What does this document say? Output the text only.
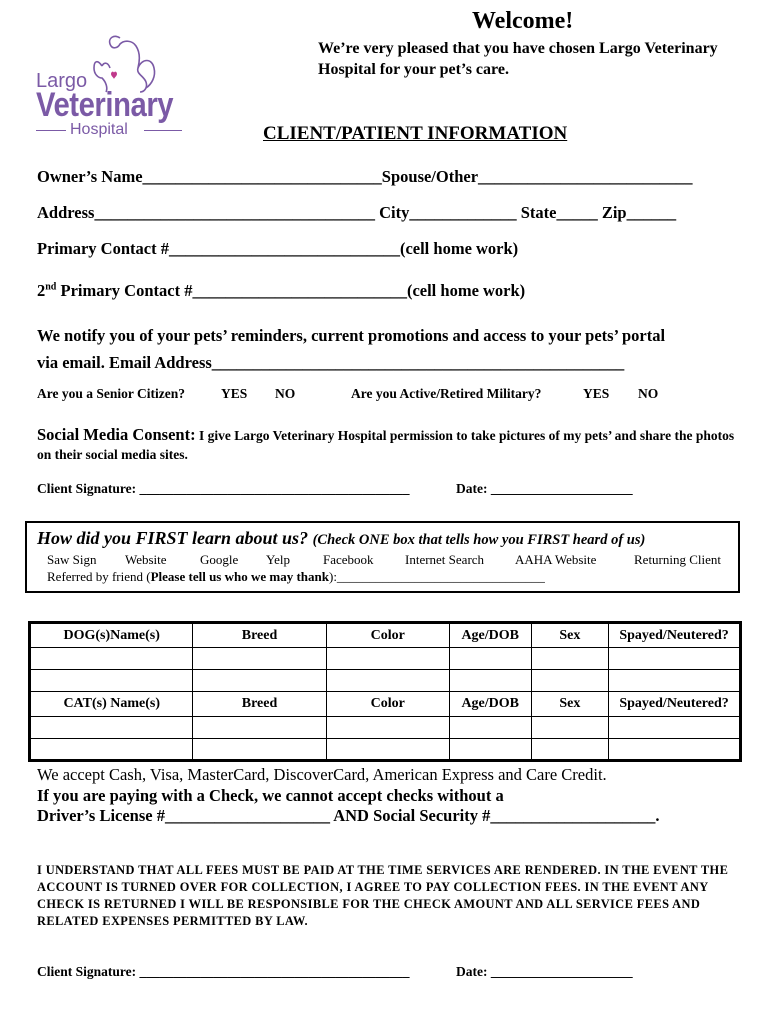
Largo
Veterinary
Hospital
Welcome!
We’re very pleased that you have chosen Largo Veterinary Hospital for your pet’s care.
CLIENT/PATIENT INFORMATION
Owner’s Name_____________________________Spouse/Other__________________________
Address__________________________________ City_____________ State_____ Zip______
Primary Contact #____________________________(cell home work)
2nd Primary Contact #__________________________(cell home work)
We notify you of your pets’ reminders, current promotions and access to your pets’ portal
via email. Email Address__________________________________________________
Are you a Senior Citizen?	YES NO	Are you Active/Retired Military?	YES NO
Social Media Consent: I give Largo Veterinary Hospital permission to take pictures of my pets’ and share the photos on their social media sites.
Client Signature: ________________________________________	Date: _____________________
How did you FIRST learn about us? (Check ONE box that tells how you FIRST heard of us)
Saw Sign Website	Google Yelp	Facebook Internet Search AAHA Website	Returning Client
Referred by friend (Please tell us who we may thank):________________________________
DOG(s)Name(s)	Breed	Color	Age/DOB	Sex	Spayed/Neutered?

CAT(s) Name(s)	Breed	Color	Age/DOB	Sex	Spayed/Neutered?

We accept Cash, Visa, MasterCard, DiscoverCard, American Express and Care Credit.
If you are paying with a Check, we cannot accept checks without a
Driver’s License #____________________ AND Social Security #____________________.
I UNDERSTAND THAT ALL FEES MUST BE PAID AT THE TIME SERVICES ARE RENDERED. IN THE EVENT THE ACCOUNT IS TURNED OVER FOR COLLECTION, I AGREE TO PAY COLLECTION FEES. IN THE EVENT ANY CHECK IS RETURNED I WILL BE RESPONSIBLE FOR THE CHECK AMOUNT AND ALL SERVICE FEES AND RELATED EXPENSES PERMITTED BY LAW.
Client Signature: ________________________________________	Date: _____________________
